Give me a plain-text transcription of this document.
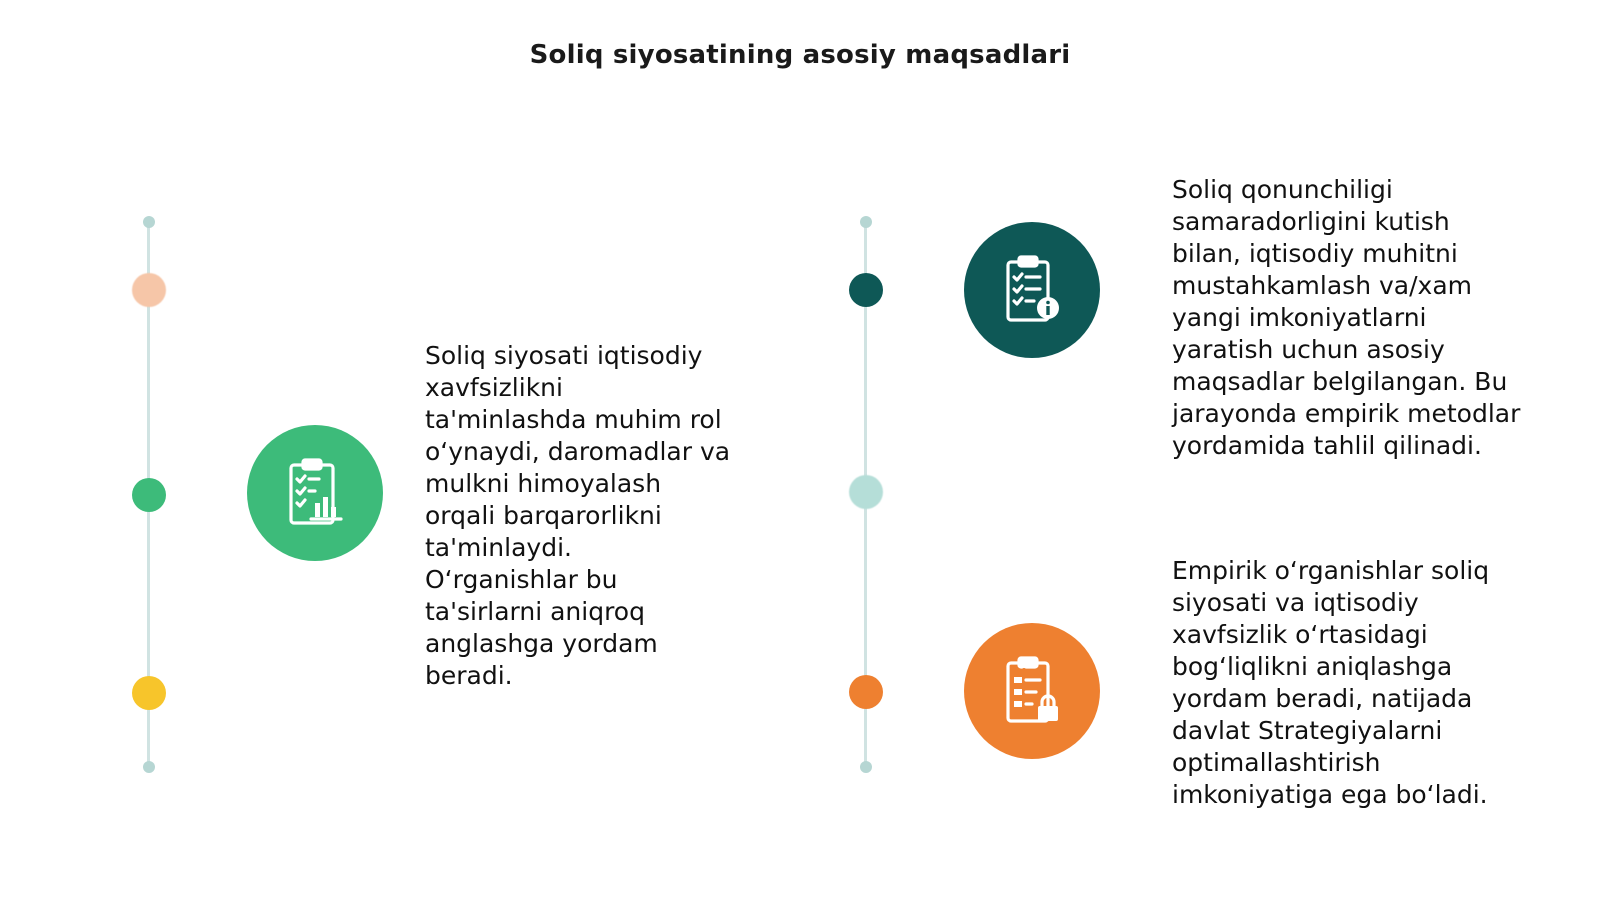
Soliq siyosatining asosiy maqsadlari
Soliq siyosati iqtisodiy
xavfsizlikni
ta'minlashda muhim rol
o‘ynaydi, daromadlar va
mulkni himoyalash
orqali barqarorlikni
ta'minlaydi.
O‘rganishlar bu
ta'sirlarni aniqroq
anglashga yordam
beradi.
Soliq qonunchiligi
samaradorligini kutish
bilan, iqtisodiy muhitni
mustahkamlash va/xam
yangi imkoniyatlarni
yaratish uchun asosiy
maqsadlar belgilangan. Bu
jarayonda empirik metodlar
yordamida tahlil qilinadi.
Empirik o‘rganishlar soliq
siyosati va iqtisodiy
xavfsizlik o‘rtasidagi
bog‘liqlikni aniqlashga
yordam beradi, natijada
davlat Strategiyalarni
optimallashtirish
imkoniyatiga ega bo‘ladi.
